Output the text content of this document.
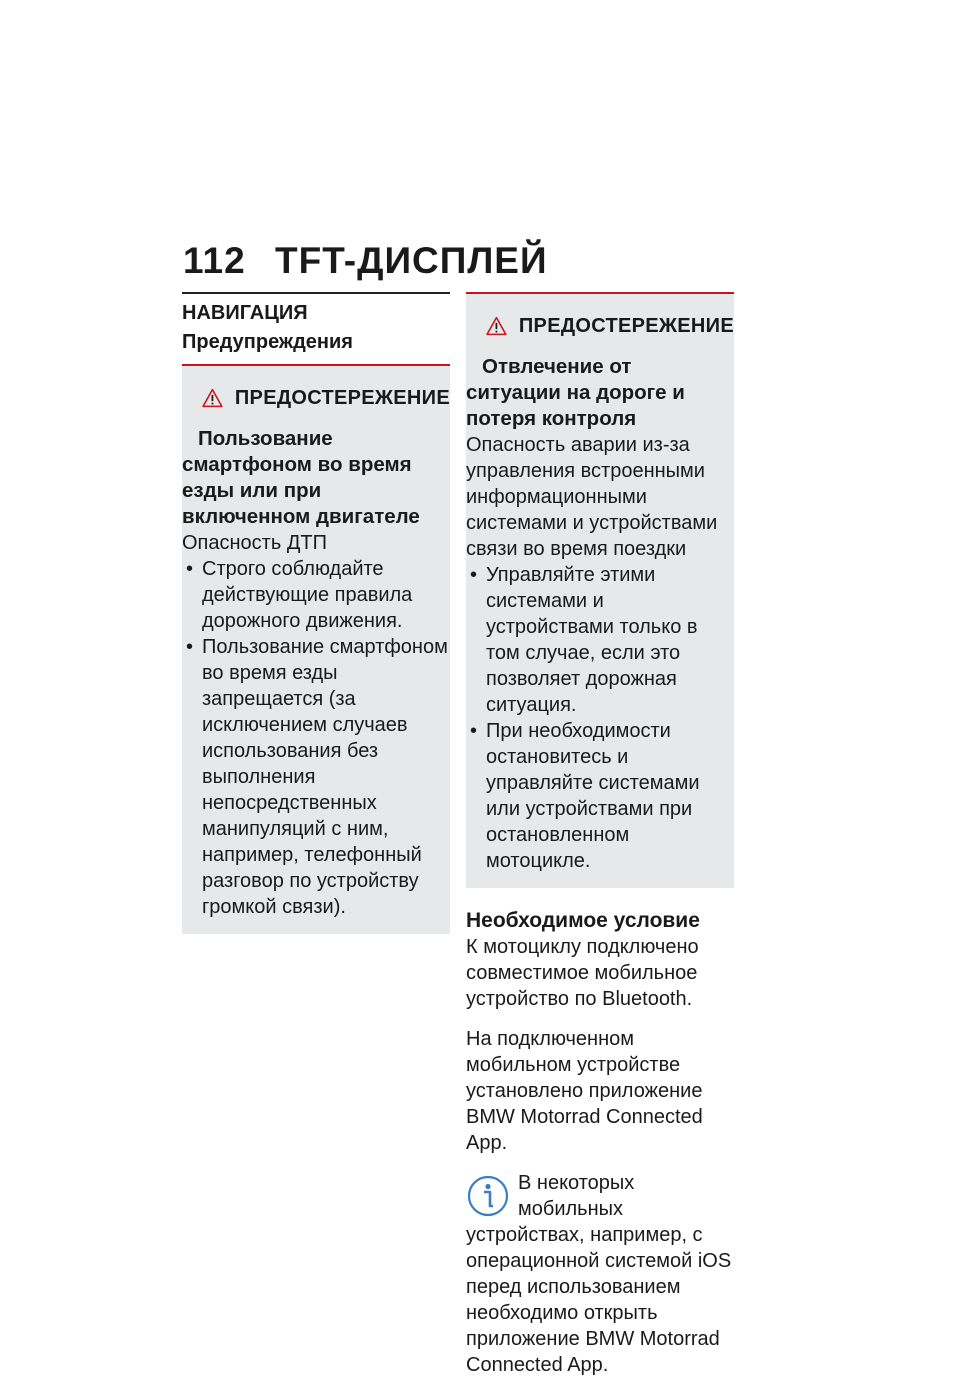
112 TFT-ДИСПЛЕЙ
НАВИГАЦИЯ
Предупреждения
ПРЕДОСТЕРЕЖЕНИЕ
Пользование смартфоном во время езды или при включенном двигателе
Опасность ДТП
• Строго соблюдайте действующие правила дорожного движения.
• Пользование смартфоном во время езды запрещается (за исключением случаев использования без выполнения непосредственных манипуляций с ним, например, телефонный разговор по устройству громкой связи).
ПРЕДОСТЕРЕЖЕНИЕ
Отвлечение от ситуации на дороге и потеря контроля
Опасность аварии из-за управления встроенными информационными системами и устройствами связи во время поездки
• Управляйте этими системами и устройствами только в том случае, если это позволяет дорожная ситуация.
• При необходимости остановитесь и управляйте системами или устройствами при остановленном мотоцикле.
Необходимое условие
К мотоциклу подключено совместимое мобильное устройство по Bluetooth.
На подключенном мобильном устройстве установлено приложение BMW Motorrad Connected App.
В некоторых мобильных устройствах, например, с операционной системой iOS перед использованием необходимо открыть приложение BMW Motorrad Connected App.
